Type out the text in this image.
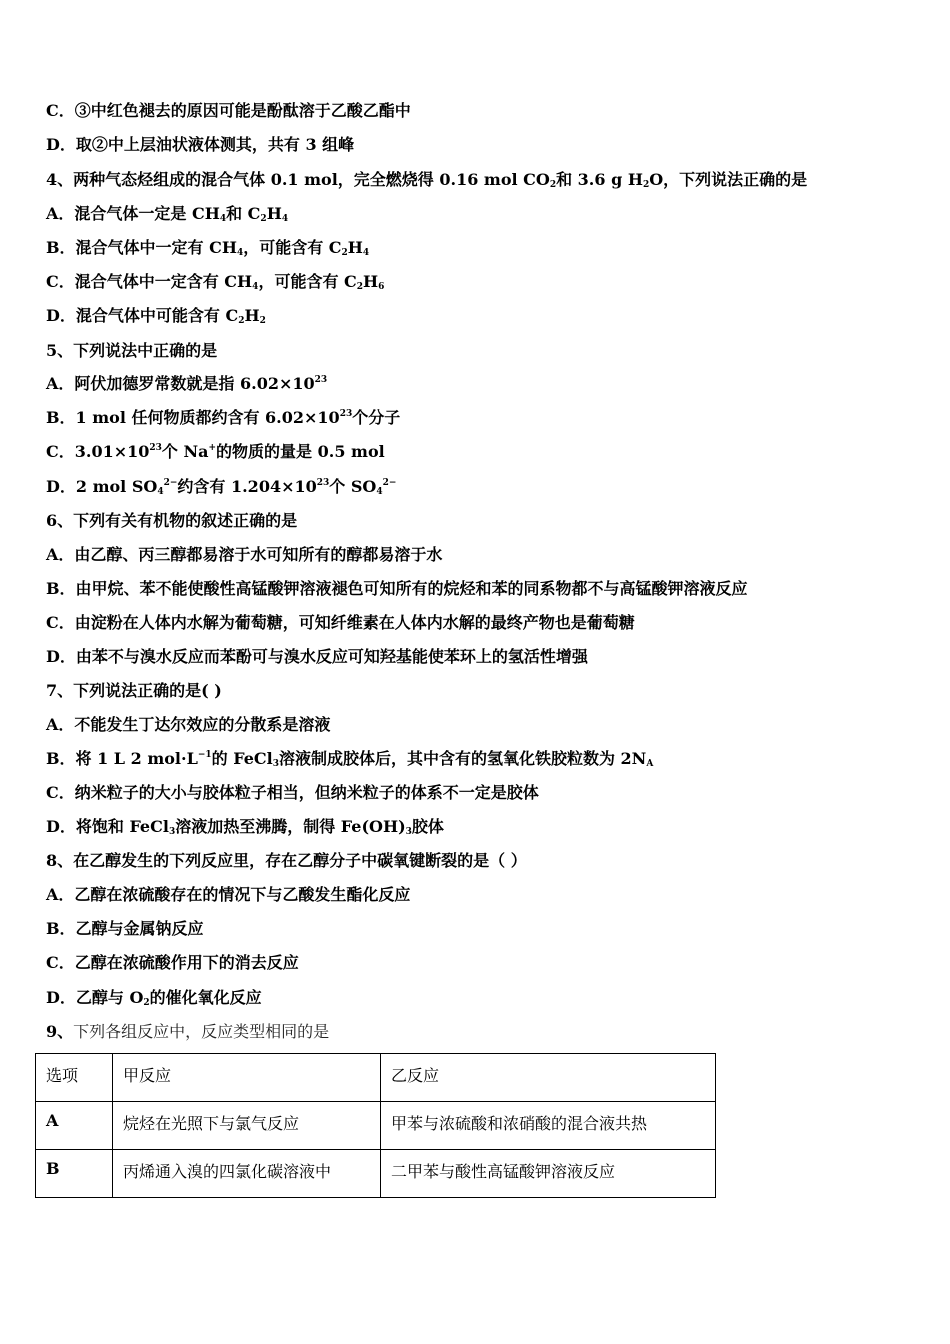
C．③中红色褪去的原因可能是酚酞溶于乙酸乙酯中
D．取②中上层油状液体测其，共有 3 组峰
4、两种气态烃组成的混合气体 0.1 mol，完全燃烧得 0.16 mol $CO_2$和 3.6 g $H_2O$，下列说法正确的是
A．混合气体一定是 $CH_4$和 $C_2H_4$
B．混合气体中一定有 $CH_4$，可能含有 $C_2H_4$
C．混合气体中一定含有 $CH_4$，可能含有 $C_2H_6$
D．混合气体中可能含有 $C_2H_2$
5、下列说法中正确的是
A．阿伏加德罗常数就是指 $6.02\times 10^{23}$
B．1 mol 任何物质都约含有 $6.02\times 10^{23}$个分子
C．$3.01\times 10^{23}$个 Na+的物质的量是 0.5 mol
D．2 mol $SO_4^{2-}$约含有 $1.204\times 10^{23}$个 $SO_4^{2-}$
6、下列有关有机物的叙述正确的是
A．由乙醇、丙三醇都易溶于水可知所有的醇都易溶于水
B．由甲烷、苯不能使酸性高锰酸钾溶液褪色可知所有的烷烃和苯的同系物都不与高锰酸钾溶液反应
C．由淀粉在人体内水解为葡萄糖，可知纤维素在人体内水解的最终产物也是葡萄糖
D．由苯不与溴水反应而苯酚可与溴水反应可知羟基能使苯环上的氢活性增强
7、下列说法正确的是( )
A．不能发生丁达尔效应的分散系是溶液
B．将 1 L 2 $mol\cdot L^{-1}$的 FeCl$_3$溶液制成胶体后，其中含有的氢氧化铁胶粒数为 $2N_A$
C．纳米粒子的大小与胶体粒子相当，但纳米粒子的体系不一定是胶体
D．将饱和 FeCl$_3$溶液加热至沸腾，制得 $Fe(OH)_3$胶体
8、在乙醇发生的下列反应里，存在乙醇分子中碳氧键断裂的是（ ）
A．乙醇在浓硫酸存在的情况下与乙酸发生酯化反应
B．乙醇与金属钠反应
C．乙醇在浓硫酸作用下的消去反应
D．乙醇与 $O_2$的催化氧化反应
9、下列各组反应中，反应类型相同的是
选项	甲反应	乙反应
A	烷烃在光照下与氯气反应	甲苯与浓硫酸和浓硝酸的混合液共热
B	丙烯通入溴的四氯化碳溶液中	二甲苯与酸性高锰酸钾溶液反应
